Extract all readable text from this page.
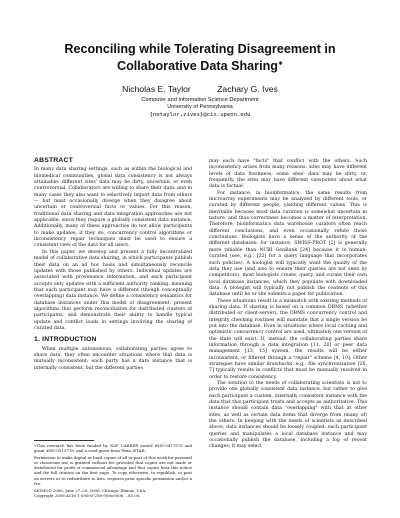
Reconciling while Tolerating Disagreement in Collaborative Data Sharing∗
Nicholas E. Taylor	Zachary G. Ives
Computer and Information Science Department
University of Pennsylvania
{netaylor,zives}@cis.upenn.edu
ABSTRACT

In many data sharing settings, such as within the biological and biomedical communities, global data consistency is not always attainable: different sites' data may be dirty, uncertain, or even controversial. Collaborators are willing to share their data, and in many cases they also want to selectively import data from others — but must occasionally diverge when they disagree about uncertain or controversial facts or values. For this reason, traditional data sharing and data integration approaches are not applicable, since they require a globally consistent data instance. Additionally, many of these approaches do not allow participants to make updates; if they do, concurrency control algorithms or inconsistency repair techniques must be used to ensure a consistent view of the data for all users.

In this paper, we develop and present a fully decentralized model of collaborative data sharing, in which participants publish their data on an ad hoc basis and simultaneously reconcile updates with those published by others. Individual updates are associated with provenance information, and each participant accepts only updates with a sufficient authority ranking, meaning that each participant may have a different (though conceptually overlapping) data instance. We define a consistency semantics for database instances under this model of disagreement, present algorithms that perform reconciliation for distributed clusters of participants, and demonstrate their ability to handle typical update and conflict loads in settings involving the sharing of curated data.

1. INTRODUCTION

When multiple autonomous, collaborating parties agree to share data, they often encounter situations where that data is mutually inconsistent: each party has a data instance that is internally consistent, but the different parties

∗This research has been funded by NSF CAREER award #IIS-0477972 and grant #IIS-0513778, and a seed grant from Penn ISTAR.

Permission to make digital or hard copies of all or part of this work for personal or classroom use is granted without fee provided that copies are not made or distributed for profit or commercial advantage and that copies bear this notice and the full citation on the first page. To copy otherwise, to republish, to post on servers or to redistribute to lists, requires prior specific permission and/or a fee.

SIGMOD 2006, June 27–29, 2006, Chicago, Illinois, USA.

Copyright 2006 ACM 1-59593-256-9/06/0006 ...$5.00.

may each have "facts" that conflict with the others. Such inconsistency arises from many reasons: sites may have different levels of data freshness, some sites' data may be dirty, or, frequently, the sites may have different viewpoints about what data is factual.

For instance, in bioinformatics, the same results from microarray experiments may be analyzed by different tools, or curated by different people, yielding different values. This is inevitable because most data curation is somewhat uncertain in nature, and thus correctness becomes a matter of interpretation. Therefore, bioinformatics data warehouse curators often reach different conclusions, and even occasionally refute those conclusions. Biologists have a sense of the authority of the different databases: for instance, SWISS-PROT [2] is generally more reliable than NCBI GenBank [24] because it is human-curated (see, e.g., [22] for a query language that incorporates such policies). A biologist will typically want the quality of the data they use (and also to ensure their queries are not seen by competitors), most biologists create, query, and curate their own local database instances, which they populate with downloaded data. A biologist will typically not publish the contents of this database until he or she submits a paper for publication.

These situations result in a mismatch with existing methods of sharing data. If sharing is based on a common DBMS (whether distributed or client-server), the DBMS concurrency control and integrity checking routines will mandate that a single version be put into the database. Even in situations where local caching and optimistic concurrency control are used, ultimately one version of the state will exist. If, instead, the collaborating parties share information through a data integration [11, 20] or peer data management [13, 15] system, the results will be either inconsistent, or filtered through a "repair" scheme [4, 10]. Other strategies have similar drawbacks, e.g., file synchronization [26, 7] typically results in conflicts that must be manually resolved in order to restore consistency.

The solution to the needs of collaborating scientists is not to provide one globally consistent data instance, but rather to give each participant a custom, internally consistent instance with the data that this participant trusts and accepts as authoritative. This instance should contain data "overlapping" with that at other sites, as well as certain data items that diverge from (many of) the others. In keeping with the needs of scientists as described above, data instances should be loosely coupled: each participant queries and manipulates a local database instance and may occasionally publish the database, including a log of recent changes; it may select
